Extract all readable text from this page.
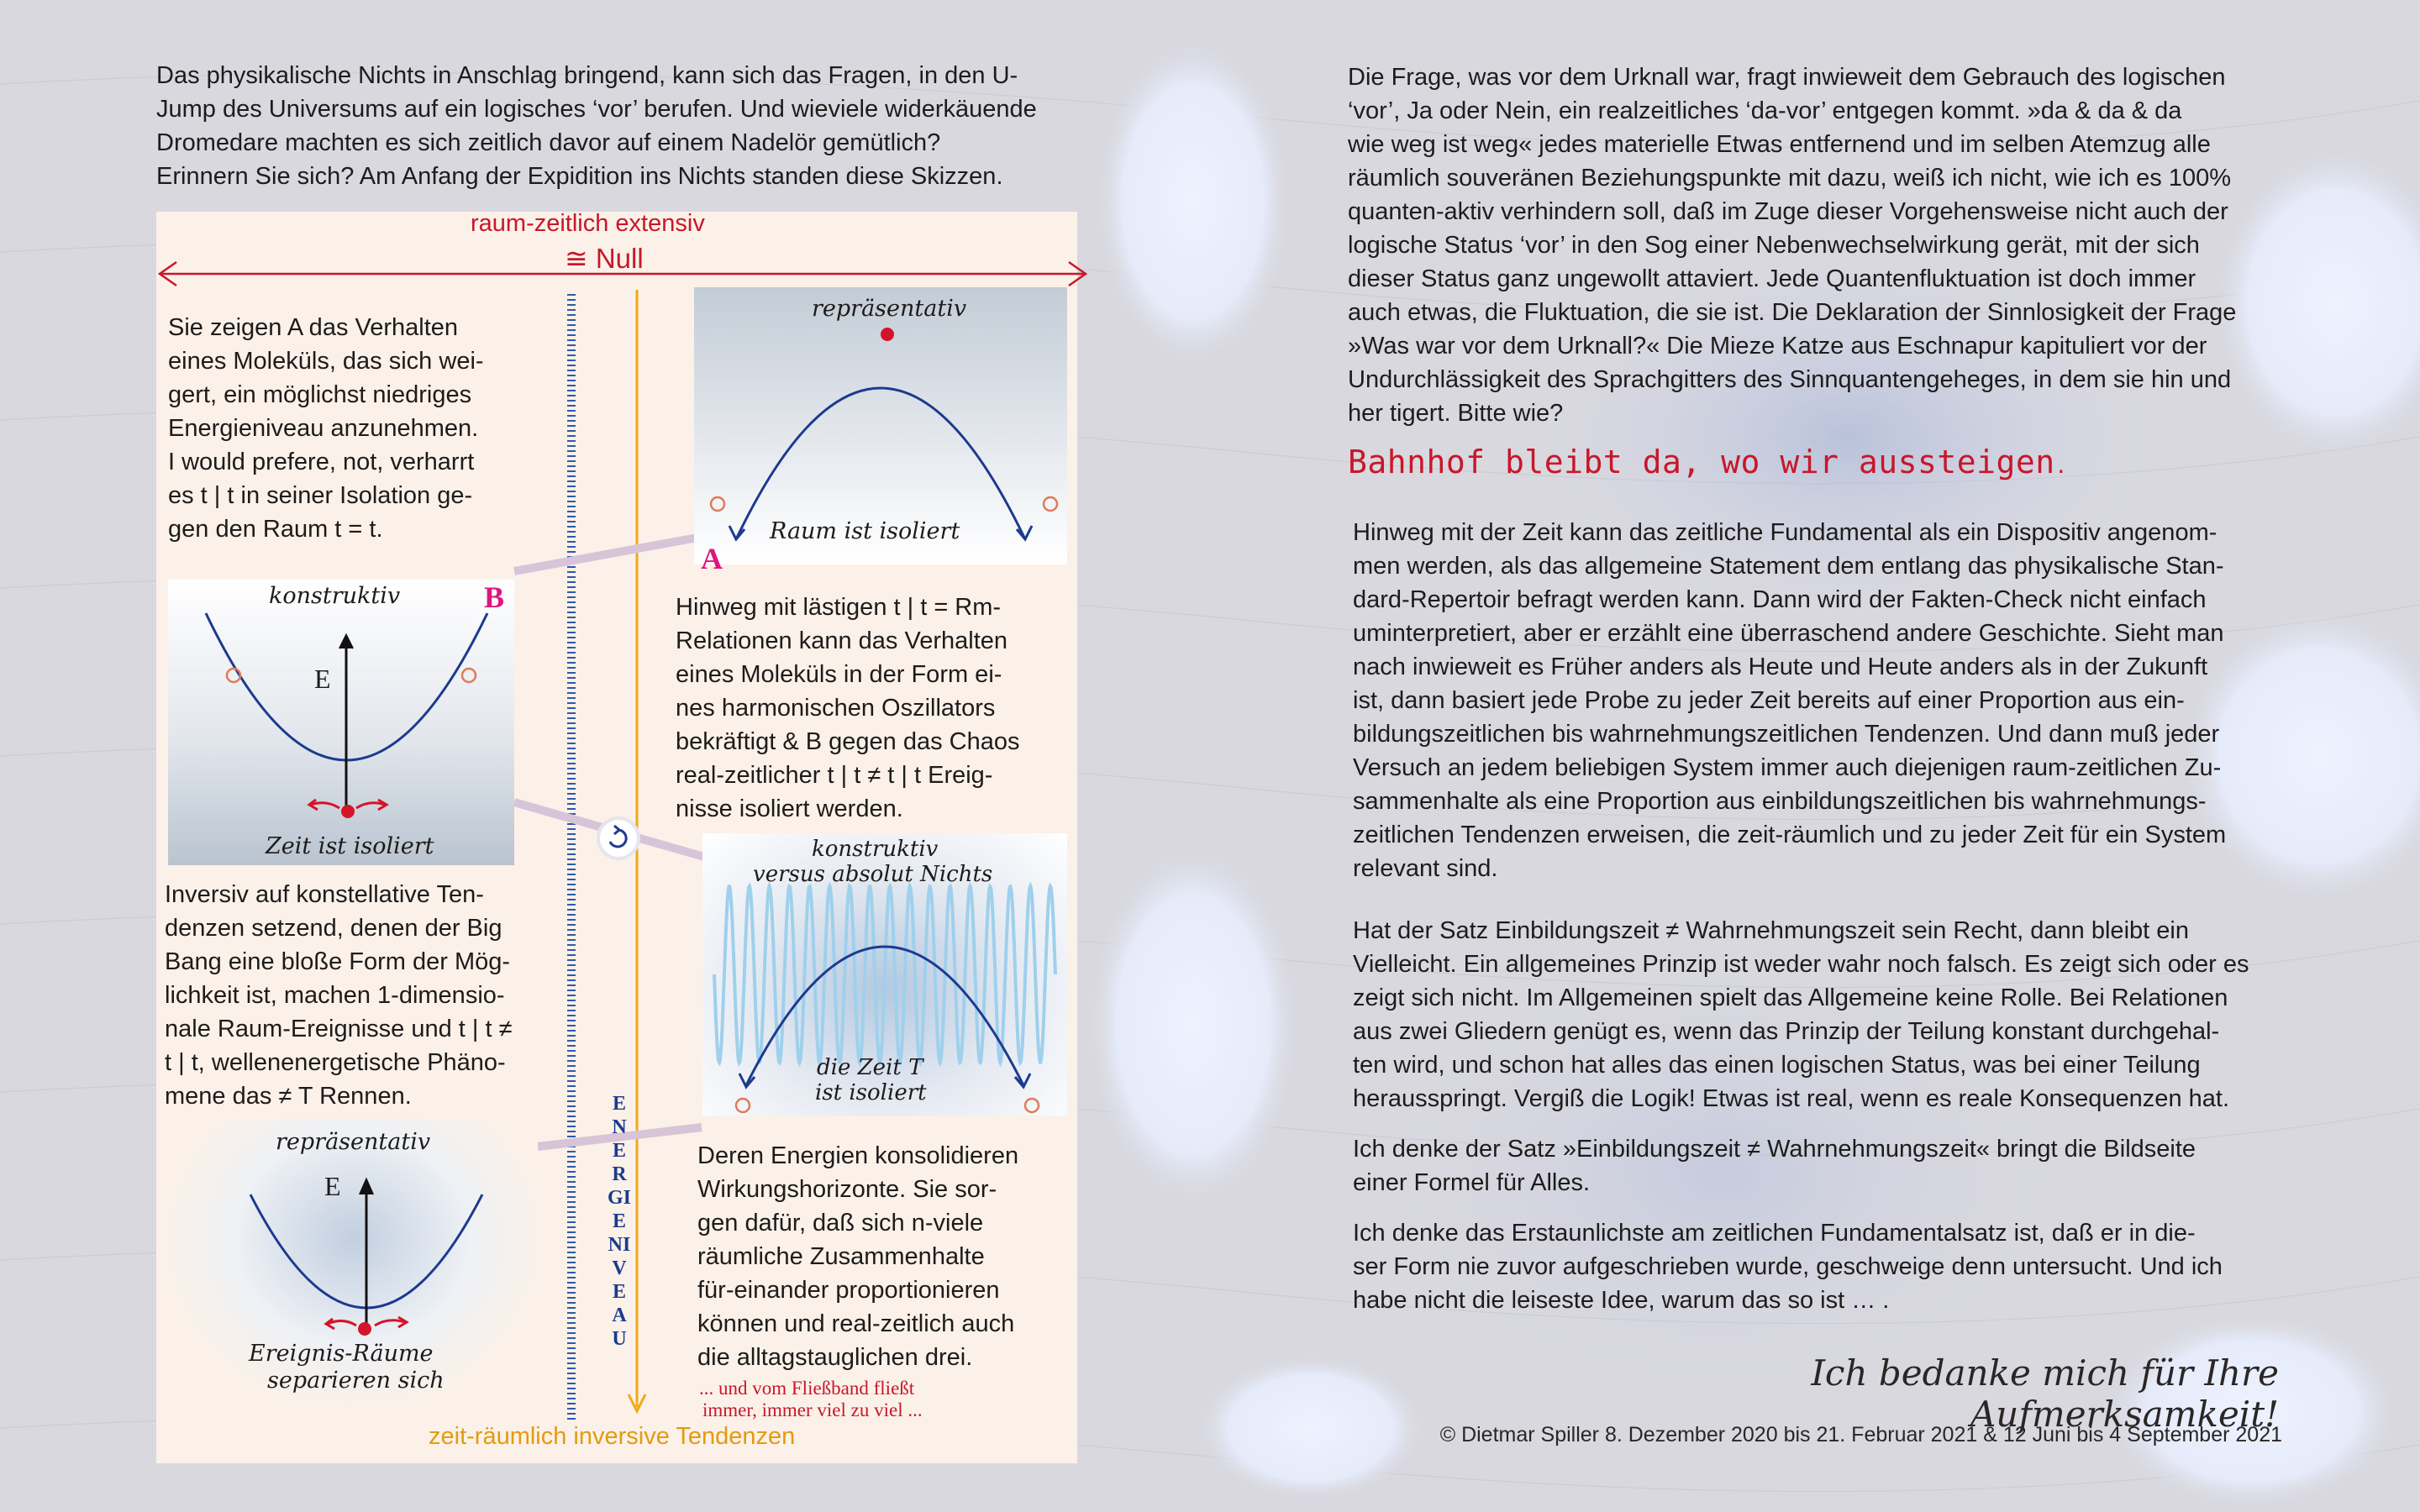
Das physikalische Nichts in Anschlag bringend, kann sich das Fragen, in den U-
Jump des Universums auf ein logisches ‘vor’ berufen. Und wieviele widerkäuende
Dromedare machten es sich zeitlich davor auf einem Nadelör gemütlich?
Erinnern Sie sich? Am Anfang der Expidition ins Nichts standen diese Skizzen.
raum-zeitlich extensiv
≅ Null
zeit-räumlich inversive Tendenzen
ENERGIENIVEAU
repräsentativ
Raum ist isoliert
A
konstruktiv
E
Zeit ist isoliert
B
konstruktiv
versus absolut Nichts
die Zeit T
ist isoliert
repräsentativ
E
Ereignis-Räume
separieren sich
Sie zeigen A das Verhalten
eines Moleküls, das sich wei-
gert, ein möglichst niedriges
Energieniveau anzunehmen.
I would prefere, not, verharrt
es t | t in seiner Isolation ge-
gen den Raum t = t.
Hinweg mit lästigen t | t = Rm-
Relationen kann das Verhalten
eines Moleküls in der Form ei-
nes harmonischen Oszillators
bekräftigt & B gegen das Chaos
real-zeitlicher t | t ≠ t | t Ereig-
nisse isoliert werden.
Inversiv auf konstellative Ten-
denzen setzend, denen der Big
Bang eine bloße Form der Mög-
lichkeit ist, machen 1-dimensio-
nale Raum-Ereignisse und t | t ≠
t | t, wellenenergetische Phäno-
mene das ≠ T Rennen.
Deren Energien konsolidieren
Wirkungshorizonte. Sie sor-
gen dafür, daß sich n-viele
räumliche Zusammenhalte
für-einander proportionieren
können und real-zeitlich auch
die alltagstauglichen drei.
... und vom Fließband fließt
immer, immer viel zu viel ...
Die Frage, was vor dem Urknall war, fragt inwieweit dem Gebrauch des logischen
‘vor’, Ja oder Nein, ein realzeitliches ‘da-vor’ entgegen kommt. »da & da & da
wie weg ist weg« jedes materielle Etwas entfernend und im selben Atemzug alle
räumlich souveränen Beziehungspunkte mit dazu, weiß ich nicht, wie ich es 100%
quanten-aktiv verhindern soll, daß im Zuge dieser Vorgehensweise nicht auch der
logische Status ‘vor’ in den Sog einer Nebenwechselwirkung gerät, mit der sich
dieser Status ganz ungewollt attaviert. Jede Quantenfluktuation ist doch immer
auch etwas, die Fluktuation, die sie ist. Die Deklaration der Sinnlosigkeit der Frage
»Was war vor dem Urknall?« Die Mieze Katze aus Eschnapur kapituliert vor der
Undurchlässigkeit des Sprachgitters des Sinnquantengeheges, in dem sie hin und
her tigert. Bitte wie?
Bahnhof bleibt da, wo wir aussteigen.
Hinweg mit der Zeit kann das zeitliche Fundamental als ein Dispositiv angenom-
men werden, als das allgemeine Statement dem entlang das physikalische Stan-
dard-Repertoir befragt werden kann. Dann wird der Fakten-Check nicht einfach
uminterpretiert, aber er erzählt eine überraschend andere Geschichte. Sieht man
nach inwieweit es Früher anders als Heute und Heute anders als in der Zukunft
ist, dann basiert jede Probe zu jeder Zeit bereits auf einer Proportion aus ein-
bildungszeitlichen bis wahrnehmungszeitlichen Tendenzen. Und dann muß jeder
Versuch an jedem beliebigen System immer auch diejenigen raum-zeitlichen Zu-
sammenhalte als eine Proportion aus einbildungszeitlichen bis wahrnehmungs-
zeitlichen Tendenzen erweisen, die zeit-räumlich und zu jeder Zeit für ein System
relevant sind.
Hat der Satz Einbildungszeit ≠ Wahrnehmungszeit sein Recht, dann bleibt ein
Vielleicht. Ein allgemeines Prinzip ist weder wahr noch falsch. Es zeigt sich oder es
zeigt sich nicht. Im Allgemeinen spielt das Allgemeine keine Rolle. Bei Relationen
aus zwei Gliedern genügt es, wenn das Prinzip der Teilung konstant durchgehal-
ten wird, und schon hat alles das einen logischen Status, was bei einer Teilung
herausspringt. Vergiß die Logik! Etwas ist real, wenn es reale Konsequenzen hat.
Ich denke der Satz »Einbildungszeit ≠ Wahrnehmungszeit« bringt die Bildseite
einer Formel für Alles.
Ich denke das Erstaunlichste am zeitlichen Fundamentalsatz ist, daß er in die-
ser Form nie zuvor aufgeschrieben wurde, geschweige denn untersucht. Und ich
habe nicht die leiseste Idee, warum das so ist … .
Ich bedanke mich für Ihre Aufmerksamkeit!
© Dietmar Spiller 8. Dezember 2020 bis 21. Februar 2021 & 12 Juni bis 4 September 2021
